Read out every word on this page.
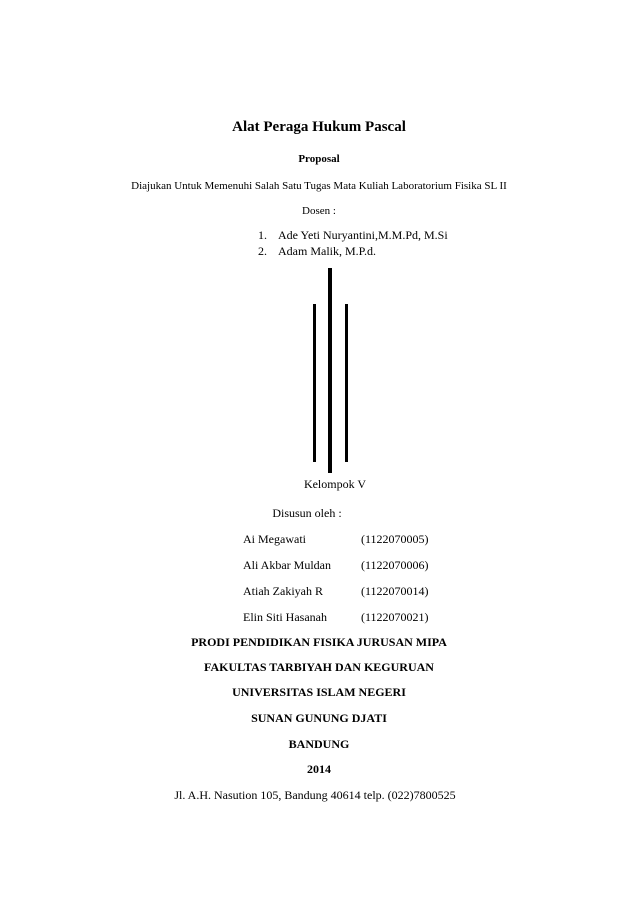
Alat Peraga Hukum Pascal
Proposal
Diajukan Untuk Memenuhi Salah Satu Tugas Mata Kuliah Laboratorium Fisika SL II
Dosen :
1. Ade Yeti Nuryantini,M.M.Pd, M.Si
2. Adam Malik, M.P.d.
Kelompok V
Disusun oleh :
Ai Megawati	(1122070005)
Ali Akbar Muldan	(1122070006)
Atiah Zakiyah R	(1122070014)
Elin Siti Hasanah	(1122070021)
PRODI PENDIDIKAN FISIKA JURUSAN MIPA
FAKULTAS TARBIYAH DAN KEGURUAN
UNIVERSITAS ISLAM NEGERI
SUNAN GUNUNG DJATI
BANDUNG
2014
Jl. A.H. Nasution 105, Bandung 40614 telp. (022)7800525
